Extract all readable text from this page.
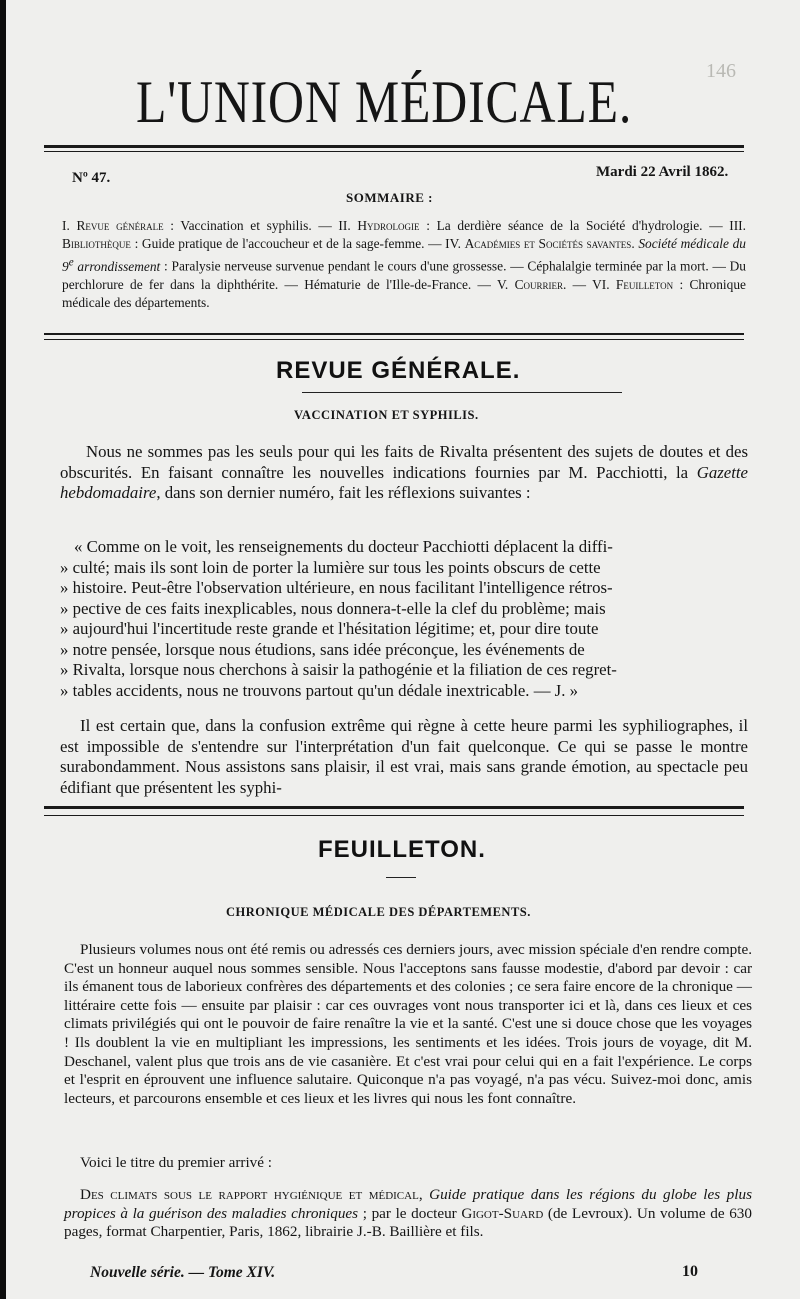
146
L'UNION MÉDICALE.
Nº 47.	Mardi 22 Avril 1862.
SOMMAIRE :
I. Revue générale : Vaccination et syphilis. — II. Hydrologie : La derdière séance de la Société d'hydrologie. — III. Bibliothèque : Guide pratique de l'accoucheur et de la sage-femme. — IV. Académies et Sociétés savantes. Société médicale du 9e arrondissement : Paralysie nerveuse survenue pendant le cours d'une grossesse. — Céphalalgie terminée par la mort. — Du perchlorure de fer dans la diphthérite. — Hématurie de l'Ille-de-France. — V. Courrier. — VI. Feuilleton : Chronique médicale des départements.
REVUE GÉNÉRALE.
VACCINATION ET SYPHILIS.

Nous ne sommes pas les seuls pour qui les faits de Rivalta présentent des sujets de doutes et des obscurités. En faisant connaître les nouvelles indications fournies par M. Pacchiotti, la Gazette hebdomadaire, dans son dernier numéro, fait les réflexions suivantes :

« Comme on le voit, les renseignements du docteur Pacchiotti déplacent la diffi-
» culté; mais ils sont loin de porter la lumière sur tous les points obscurs de cette
» histoire. Peut-être l'observation ultérieure, en nous facilitant l'intelligence rétros-
» pective de ces faits inexplicables, nous donnera-t-elle la clef du problème; mais
» aujourd'hui l'incertitude reste grande et l'hésitation légitime; et, pour dire toute
» notre pensée, lorsque nous étudions, sans idée préconçue, les événements de
» Rivalta, lorsque nous cherchons à saisir la pathogénie et la filiation de ces regret-
» tables accidents, nous ne trouvons partout qu'un dédale inextricable. — J. »

Il est certain que, dans la confusion extrême qui règne à cette heure parmi les syphiliographes, il est impossible de s'entendre sur l'interprétation d'un fait quelconque. Ce qui se passe le montre surabondamment. Nous assistons sans plaisir, il est vrai, mais sans grande émotion, au spectacle peu édifiant que présentent les syphi-

FEUILLETON.
CHRONIQUE MÉDICALE DES DÉPARTEMENTS.

Plusieurs volumes nous ont été remis ou adressés ces derniers jours, avec mission spéciale d'en rendre compte. C'est un honneur auquel nous sommes sensible. Nous l'acceptons sans fausse modestie, d'abord par devoir : car ils émanent tous de laborieux confrères des départements et des colonies ; ce sera faire encore de la chronique — littéraire cette fois — ensuite par plaisir : car ces ouvrages vont nous transporter ici et là, dans ces lieux et ces climats privilégiés qui ont le pouvoir de faire renaître la vie et la santé. C'est une si douce chose que les voyages ! Ils doublent la vie en multipliant les impressions, les sentiments et les idées. Trois jours de voyage, dit M. Deschanel, valent plus que trois ans de vie casanière. Et c'est vrai pour celui qui en a fait l'expérience. Le corps et l'esprit en éprouvent une influence salutaire. Quiconque n'a pas voyagé, n'a pas vécu. Suivez-moi donc, amis lecteurs, et parcourons ensemble et ces lieux et les livres qui nous les font connaître.

Voici le titre du premier arrivé :

Des climats sous le rapport hygiénique et médical, Guide pratique dans les régions du globe les plus propices à la guérison des maladies chroniques ; par le docteur Gigot-Suard (de Levroux). Un volume de 630 pages, format Charpentier, Paris, 1862, librairie J.-B. Baillière et fils.

Nouvelle série. — Tome XIV.	10
